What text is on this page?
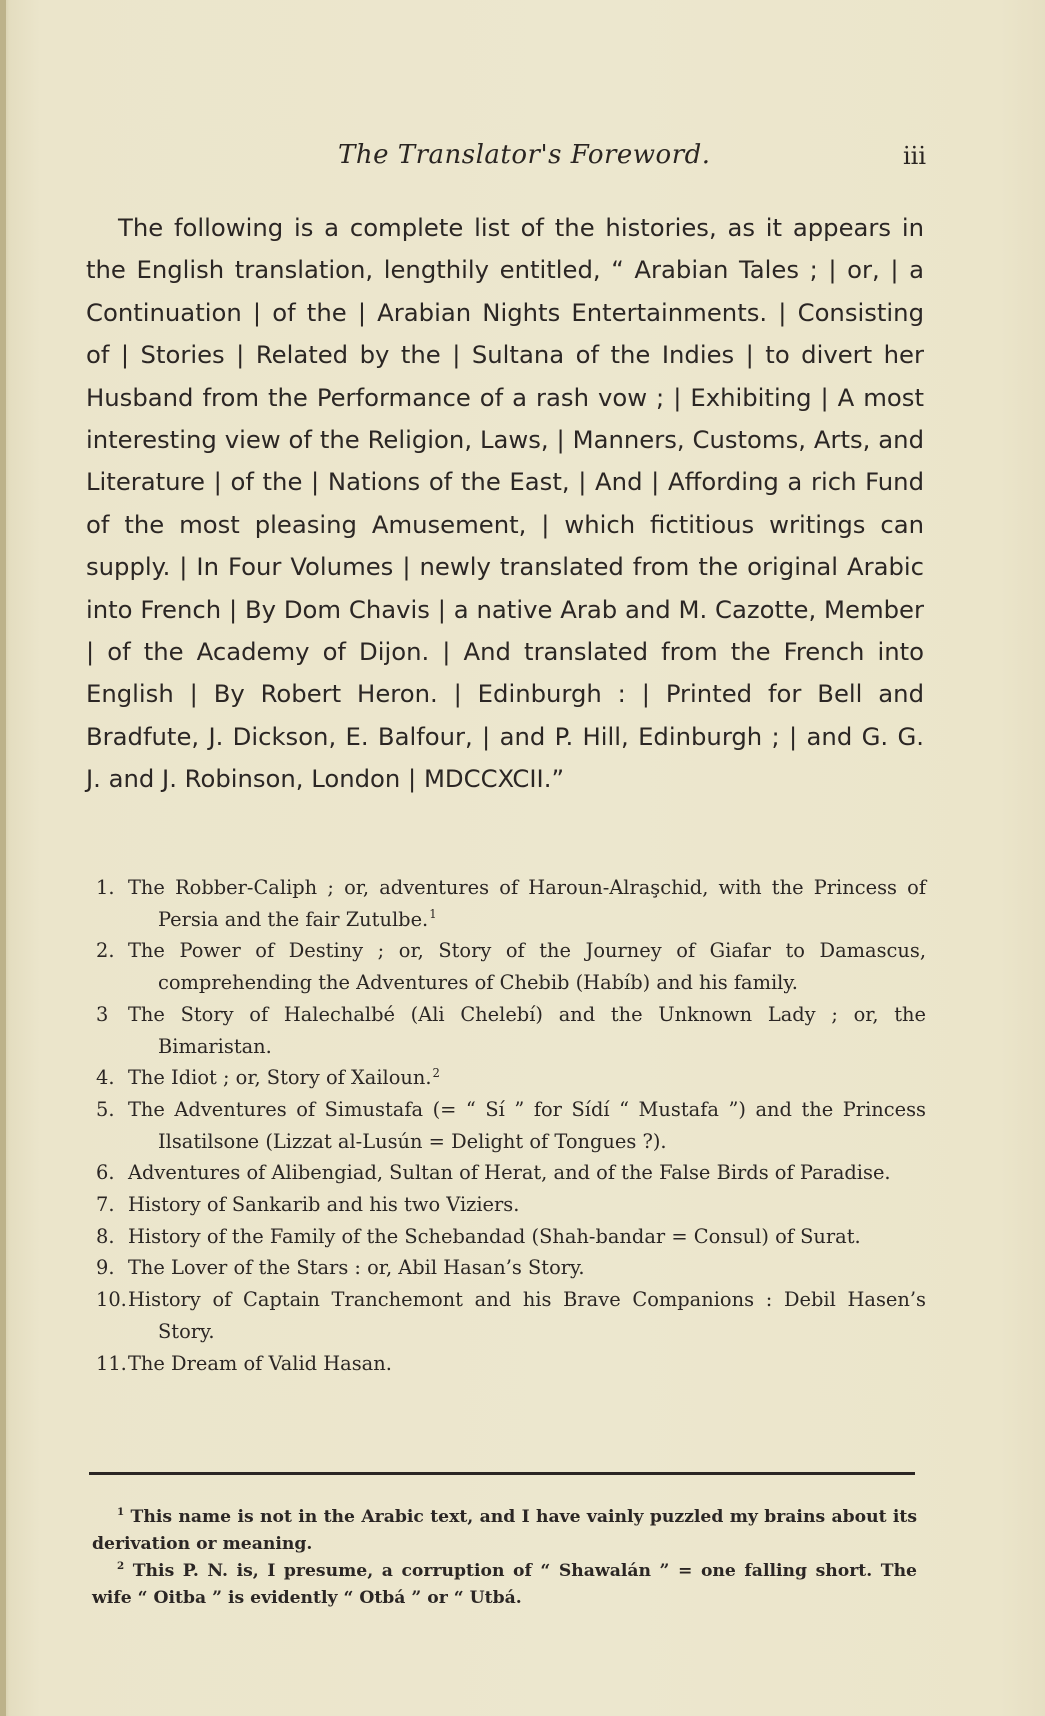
The Translator's Foreword.	iii

The following is a complete list of the histories, as it appears in the English translation, lengthily entitled, “ Arabian Tales ; | or, | a Continuation | of the | Arabian Nights Entertainments. | Consisting of | Stories | Related by the | Sultana of the Indies | to divert her Husband from the Performance of a rash vow ; | Exhibiting | A most interesting view of the Religion, Laws, | Manners, Customs, Arts, and Literature | of the | Nations of the East, | And | Affording a rich Fund of the most pleasing Amusement, | which fictitious writings can supply. | In Four Volumes | newly translated from the original Arabic into French | By Dom Chavis | a native Arab and M. Cazotte, Member | of the Academy of Dijon. | And translated from the French into English | By Robert Heron. | Edinburgh : | Printed for Bell and Bradfute, J. Dickson, E. Balfour, | and P. Hill, Edinburgh ; | and G. G. J. and J. Robinson, London | MDCCXCII.”

1. The Robber-Caliph ; or, adventures of Haroun-Alraşchid, with the Princess of Persia and the fair Zutulbe.$^1$
2. The Power of Destiny ; or, Story of the Journey of Giafar to Damascus, comprehending the Adventures of Chebib (Habíb) and his family.
3 The Story of Halechalbé (Ali Chelebí) and the Unknown Lady ; or, the Bimaristan.
4. The Idiot ; or, Story of Xailoun.$^2$
5. The Adventures of Simustafa (= “ Sí ” for Sídí “ Mustafa ”) and the Princess Ilsatilsone (Lizzat al-Lusún = Delight of Tongues ?).
6. Adventures of Alibengiad, Sultan of Herat, and of the False Birds of Paradise.
7. History of Sankarib and his two Viziers.
8. History of the Family of the Schebandad (Shah-bandar = Consul) of Surat.
9. The Lover of the Stars : or, Abil Hasan’s Story.
10.History of Captain Tranchemont and his Brave Companions : Debil Hasen’s Story.
11.The Dream of Valid Hasan.

$^1$ This name is not in the Arabic text, and I have vainly puzzled my brains about its derivation or meaning.

$^2$ This P. N. is, I presume, a corruption of “ Shawalán ” = one falling short. The wife “ Oitba ” is evidently “ Otbá ” or “ Utbá.
